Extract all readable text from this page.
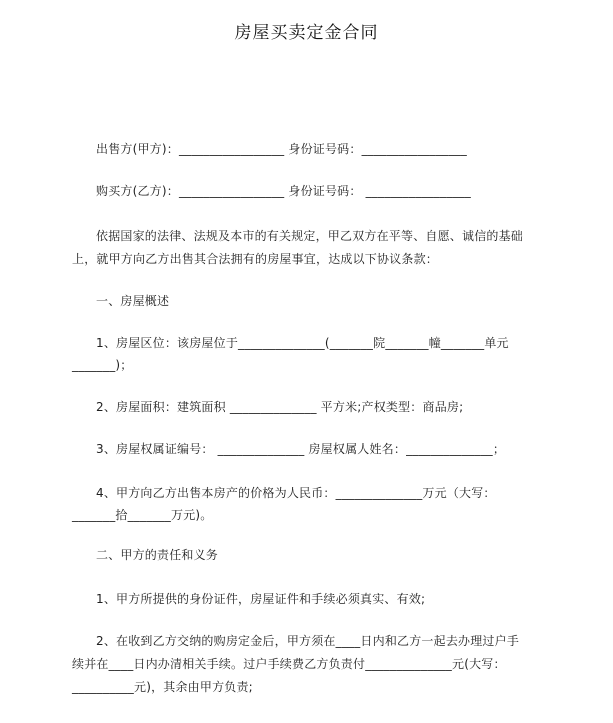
房屋买卖定金合同
出售方(甲方)：_________________ 身份证号码：_________________
购买方(乙方)：_________________ 身份证号码： _________________
依据国家的法律、法规及本市的有关规定，甲乙双方在平等、自愿、诚信的基础
上，就甲方向乙方出售其合法拥有的房屋事宜，达成以下协议条款：
一、房屋概述
1、房屋区位：该房屋位于______________(_______院_______幢_______单元
_______)；
2、房屋面积：建筑面积 ______________ 平方米;产权类型：商品房;
3、房屋权属证编号： ______________ 房屋权属人姓名：______________；
4、甲方向乙方出售本房产的价格为人民币：______________万元（大写：
_______拾_______万元)。
二、甲方的责任和义务
1、甲方所提供的身份证件，房屋证件和手续必须真实、有效;
2、在收到乙方交纳的购房定金后，甲方须在____日内和乙方一起去办理过户手
续并在____日内办清相关手续。过户手续费乙方负责付______________元(大写：
__________元)，其余由甲方负责;
